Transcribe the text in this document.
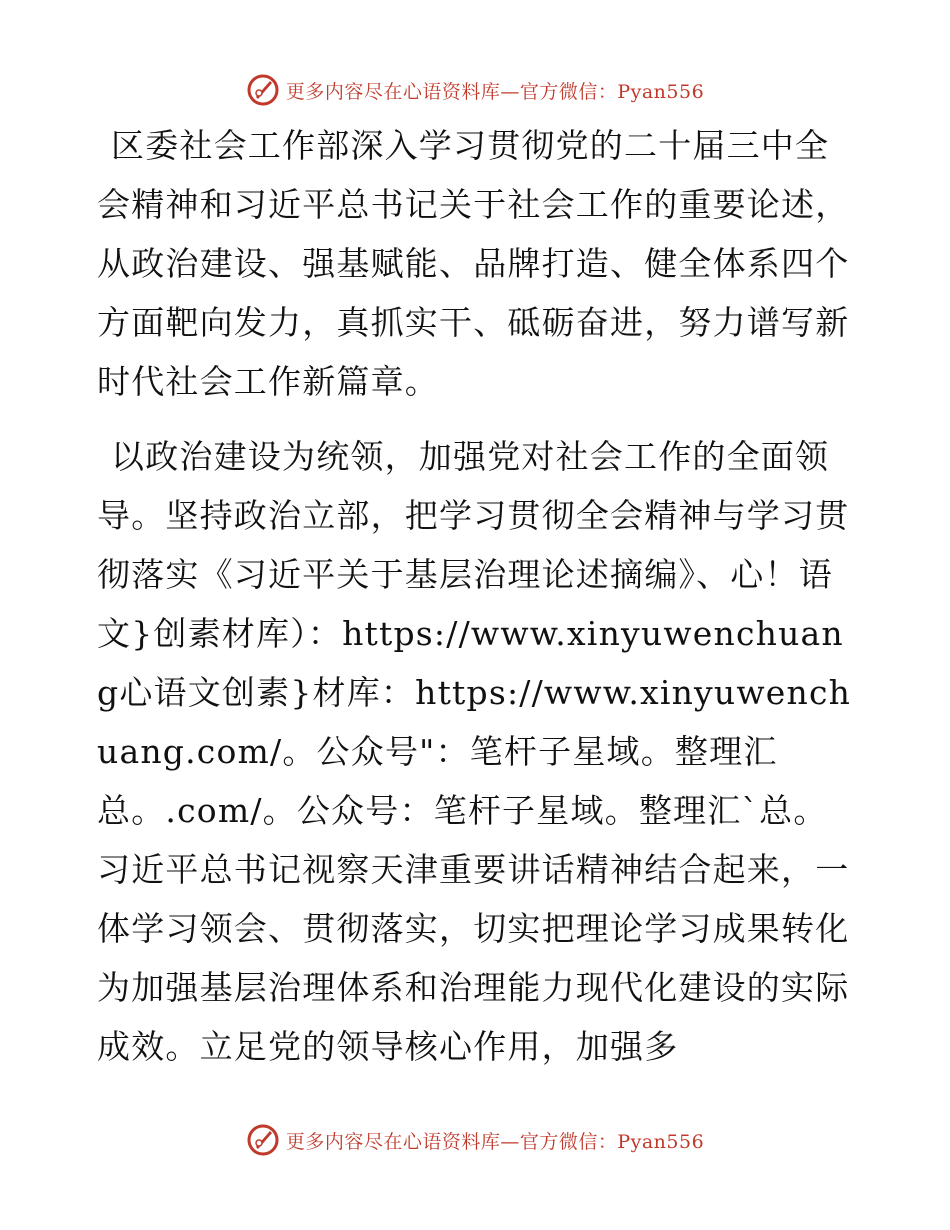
更多内容尽在心语资料库—官方微信：Pyan556

区委社会工作部深入学习贯彻党的二十届三中全会精神和习近平总书记关于社会工作的重要论述，从政治建设、强基赋能、品牌打造、健全体系四个方面靶向发力，真抓实干、砥砺奋进，努力谱写新时代社会工作新篇章。

以政治建设为统领，加强党对社会工作的全面领导。坚持政治立部，把学习贯彻全会精神与学习贯彻落实《习近平关于基层治理论述摘编》、心！语文}创素材库）：https://www.xinyuwenchuang心语文创素}材库：https://www.xinyuwenchuang.com/。公众号"：笔杆子星域。整理汇总。.com/。公众号：笔杆子星域。整理汇`总。习近平总书记视察天津重要讲话精神结合起来，一体学习领会、贯彻落实，切实把理论学习成果转化为加强基层治理体系和治理能力现代化建设的实际成效。立足党的领导核心作用，加强多

更多内容尽在心语资料库—官方微信：Pyan556
